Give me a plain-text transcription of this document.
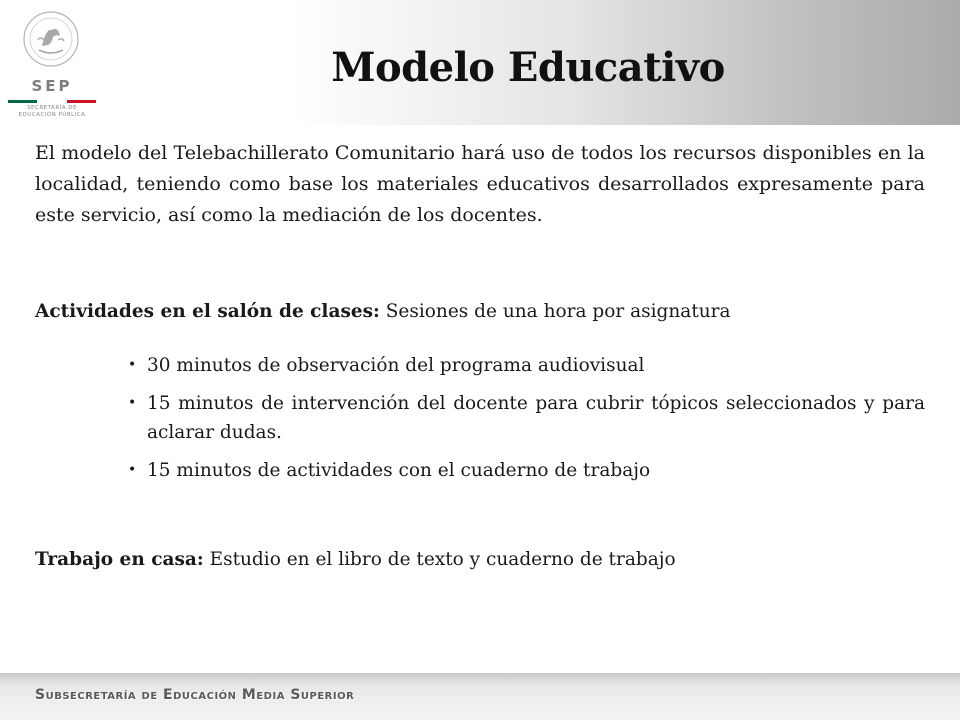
SEP
SECRETARÍA DE
EDUCACIÓN PÚBLICA
Modelo Educativo

El modelo del Telebachillerato Comunitario hará uso de todos los recursos disponibles en la localidad, teniendo como base los materiales educativos desarrollados expresamente para este servicio, así como la mediación de los docentes.

Actividades en el salón de clases: Sesiones de una hora por asignatura

• 30 minutos de observación del programa audiovisual
• 15 minutos de intervención del docente para cubrir tópicos seleccionados y para aclarar dudas.
• 15 minutos de actividades con el cuaderno de trabajo

Trabajo en casa: Estudio en el libro de texto y cuaderno de trabajo

Subsecretaría de Educación Media Superior
